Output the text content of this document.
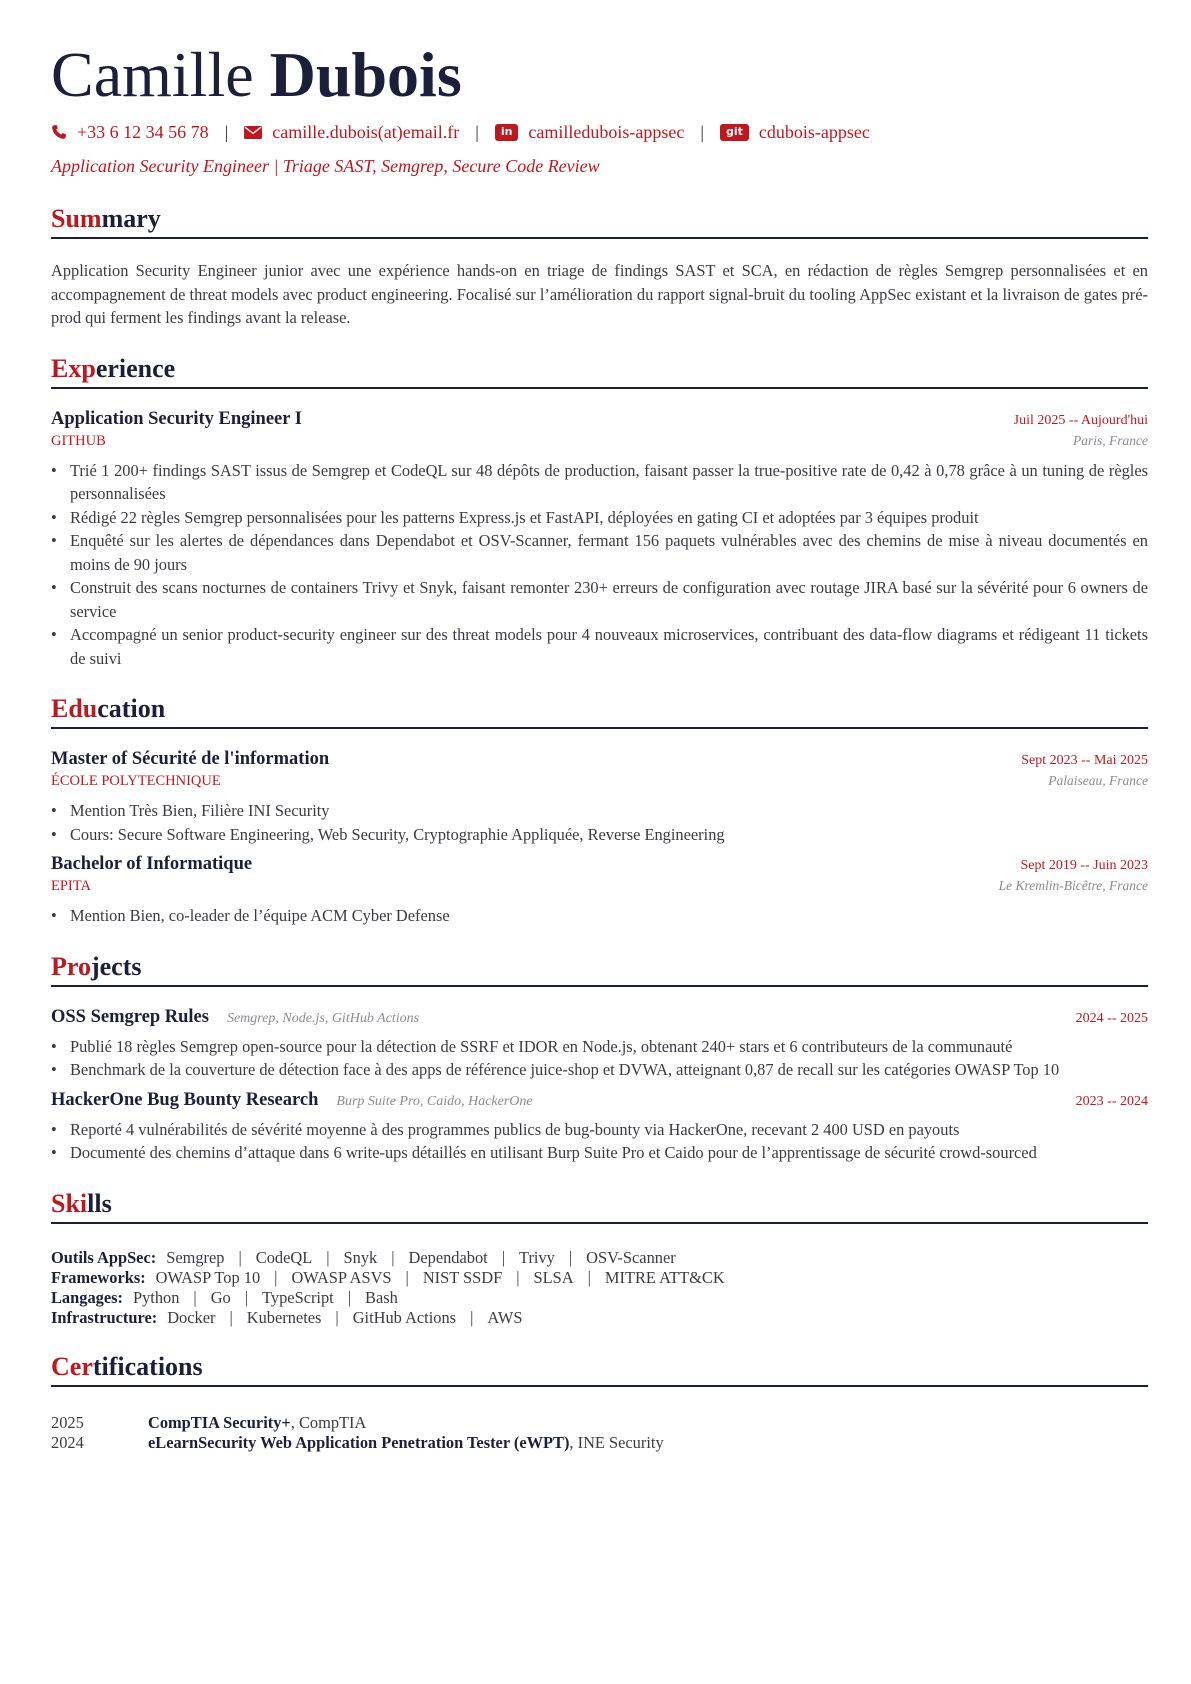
Camille Dubois
+33 6 12 34 56 78 | camille.dubois(at)email.fr |	in camilledubois-appsec |	git cdubois-appsec
Application Security Engineer | Triage SAST, Semgrep, Secure Code Review
Summary
Application Security Engineer junior avec une expérience hands-on en triage de findings SAST et SCA, en rédaction de règles Semgrep personnalisées et en accompagnement de threat models avec product engineering. Focalisé sur l’amélioration du rapport signal-bruit du tooling AppSec existant et la livraison de gates pré-prod qui ferment les findings avant la release.
Experience
Application Security Engineer I	Juil 2025 -- Aujourd'hui
GITHUB	Paris, France
• Trié 1 200+ findings SAST issus de Semgrep et CodeQL sur 48 dépôts de production, faisant passer la true-positive rate de 0,42 à 0,78 grâce à un tuning de règles personnalisées
• Rédigé 22 règles Semgrep personnalisées pour les patterns Express.js et FastAPI, déployées en gating CI et adoptées par 3 équipes produit
• Enquêté sur les alertes de dépendances dans Dependabot et OSV-Scanner, fermant 156 paquets vulnérables avec des chemins de mise à niveau documentés en moins de 90 jours
• Construit des scans nocturnes de containers Trivy et Snyk, faisant remonter 230+ erreurs de configuration avec routage JIRA basé sur la sévérité pour 6 owners de service
• Accompagné un senior product-security engineer sur des threat models pour 4 nouveaux microservices, contribuant des data-flow diagrams et rédigeant 11 tickets de suivi
Education
Master of Sécurité de l'information	Sept 2023 -- Mai 2025
ÉCOLE POLYTECHNIQUE	Palaiseau, France
• Mention Très Bien, Filière INI Security
• Cours: Secure Software Engineering, Web Security, Cryptographie Appliquée, Reverse Engineering
Bachelor of Informatique	Sept 2019 -- Juin 2023
EPITA	Le Kremlin-Bicêtre, France
• Mention Bien, co-leader de l’équipe ACM Cyber Defense
Projects
OSS Semgrep Rules Semgrep, Node.js, GitHub Actions	2024 -- 2025
• Publié 18 règles Semgrep open-source pour la détection de SSRF et IDOR en Node.js, obtenant 240+ stars et 6 contributeurs de la communauté
• Benchmark de la couverture de détection face à des apps de référence juice-shop et DVWA, atteignant 0,87 de recall sur les catégories OWASP Top 10
HackerOne Bug Bounty Research Burp Suite Pro, Caido, HackerOne	2023 -- 2024
• Reporté 4 vulnérabilités de sévérité moyenne à des programmes publics de bug-bounty via HackerOne, recevant 2 400 USD en payouts
• Documenté des chemins d’attaque dans 6 write-ups détaillés en utilisant Burp Suite Pro et Caido pour de l’apprentissage de sécurité crowd-sourced
Skills
Outils AppSec: Semgrep | CodeQL | Snyk | Dependabot | Trivy | OSV-Scanner
Frameworks: OWASP Top 10 | OWASP ASVS | NIST SSDF | SLSA | MITRE ATT&CK
Langages: Python | Go | TypeScript | Bash
Infrastructure: Docker | Kubernetes | GitHub Actions | AWS
Certifications
2025	CompTIA Security+, CompTIA
2024	eLearnSecurity Web Application Penetration Tester (eWPT), INE Security
